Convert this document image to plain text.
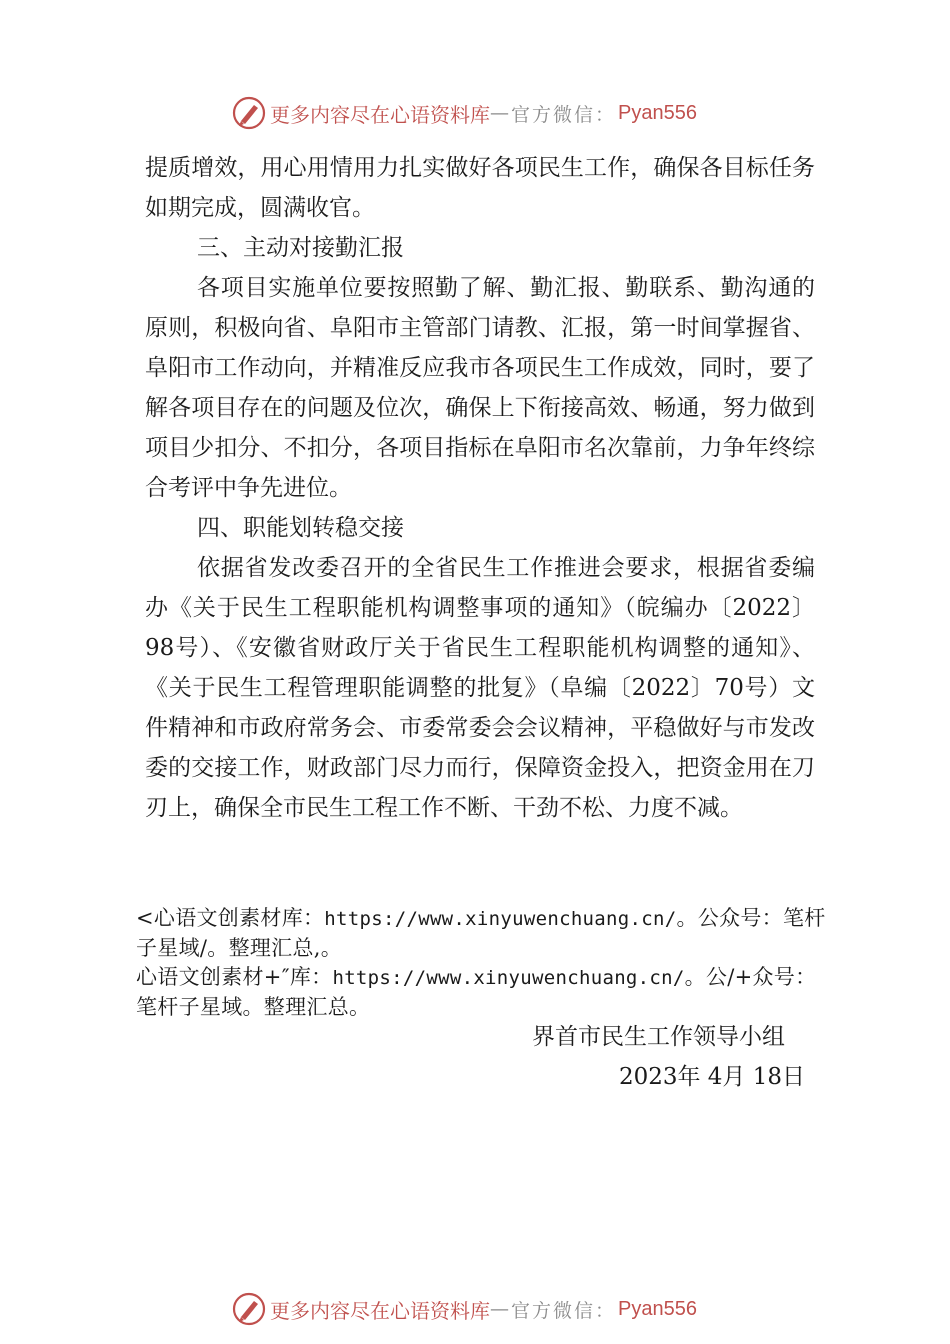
更多内容尽在心语资料库 — 官方微信： Pyan556

提质增效，用心用情用力扎实做好各项民生工作，确保各目标任务如期完成，圆满收官。

三、主动对接勤汇报

各项目实施单位要按照勤了解、勤汇报、勤联系、勤沟通的原则，积极向省、阜阳市主管部门请教、汇报，第一时间掌握省、阜阳市工作动向，并精准反应我市各项民生工作成效，同时，要了解各项目存在的问题及位次，确保上下衔接高效、畅通，努力做到项目少扣分、不扣分，各项目指标在阜阳市名次靠前，力争年终综合考评中争先进位。

四、职能划转稳交接

依据省发改委召开的全省民生工作推进会要求，根据省委编办《关于民生工程职能机构调整事项的通知》（皖编办〔2022〕98号）、《安徽省财政厅关于省民生工程职能机构调整的通知》、《关于民生工程管理职能调整的批复》（阜编〔2022〕70号）文件精神和市政府常务会、市委常委会会议精神，平稳做好与市发改委的交接工作，财政部门尽力而行，保障资金投入，把资金用在刀刃上，确保全市民生工程工作不断、干劲不松、力度不减。

<心语文创素材库：https://www.xinyuwenchuang.cn/。公众号：笔杆子星域/。整理汇总,。
心语文创素材+″库：https://www.xinyuwenchuang.cn/。公/+众号：笔杆子星域。整理汇总。
界首市民生工作领导小组
2023年 4月 18日
更多内容尽在心语资料库 — 官方微信： Pyan556
